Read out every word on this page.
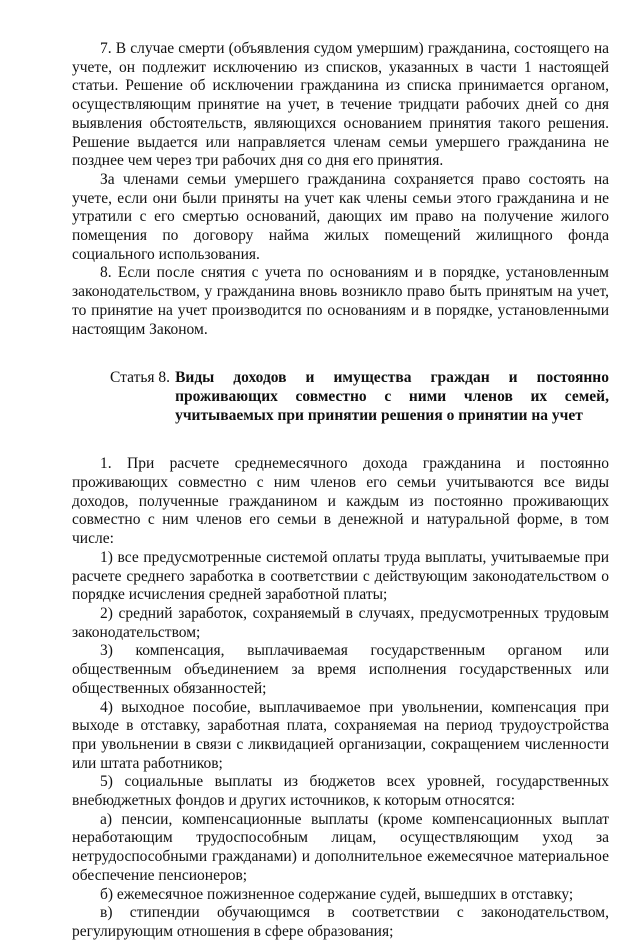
7. В случае смерти (объявления судом умершим) гражданина, состоящего на учете, он подлежит исключению из списков, указанных в части 1 настоящей статьи. Решение об исключении гражданина из списка принимается органом, осуществляющим принятие на учет, в течение тридцати рабочих дней со дня выявления обстоятельств, являющихся основанием принятия такого решения. Решение выдается или направляется членам семьи умершего гражданина не позднее чем через три рабочих дня со дня его принятия.

За членами семьи умершего гражданина сохраняется право состоять на учете, если они были приняты на учет как члены семьи этого гражданина и не утратили с его смертью оснований, дающих им право на получение жилого помещения по договору найма жилых помещений жилищного фонда социального использования.

8. Если после снятия с учета по основаниям и в порядке, установленным законодательством, у гражданина вновь возникло право быть принятым на учет, то принятие на учет производится по основаниям и в порядке, установленными настоящим Законом.

Статья 8. Виды доходов и имущества граждан и постоянно проживающих совместно с ними членов их семей, учитываемых при принятии решения о принятии на учет

1. При расчете среднемесячного дохода гражданина и постоянно проживающих совместно с ним членов его семьи учитываются все виды доходов, полученные гражданином и каждым из постоянно проживающих совместно с ним членов его семьи в денежной и натуральной форме, в том числе:

1) все предусмотренные системой оплаты труда выплаты, учитываемые при расчете среднего заработка в соответствии с действующим законодательством о порядке исчисления средней заработной платы;

2) средний заработок, сохраняемый в случаях, предусмотренных трудовым законодательством;

3) компенсация, выплачиваемая государственным органом или общественным объединением за время исполнения государственных или общественных обязанностей;

4) выходное пособие, выплачиваемое при увольнении, компенсация при выходе в отставку, заработная плата, сохраняемая на период трудоустройства при увольнении в связи с ликвидацией организации, сокращением численности или штата работников;

5) социальные выплаты из бюджетов всех уровней, государственных внебюджетных фондов и других источников, к которым относятся:

а) пенсии, компенсационные выплаты (кроме компенсационных выплат неработающим трудоспособным лицам, осуществляющим уход за нетрудоспособными гражданами) и дополнительное ежемесячное материальное обеспечение пенсионеров;

б) ежемесячное пожизненное содержание судей, вышедших в отставку;

в) стипендии обучающимся в соответствии с законодательством, регулирующим отношения в сфере образования;
